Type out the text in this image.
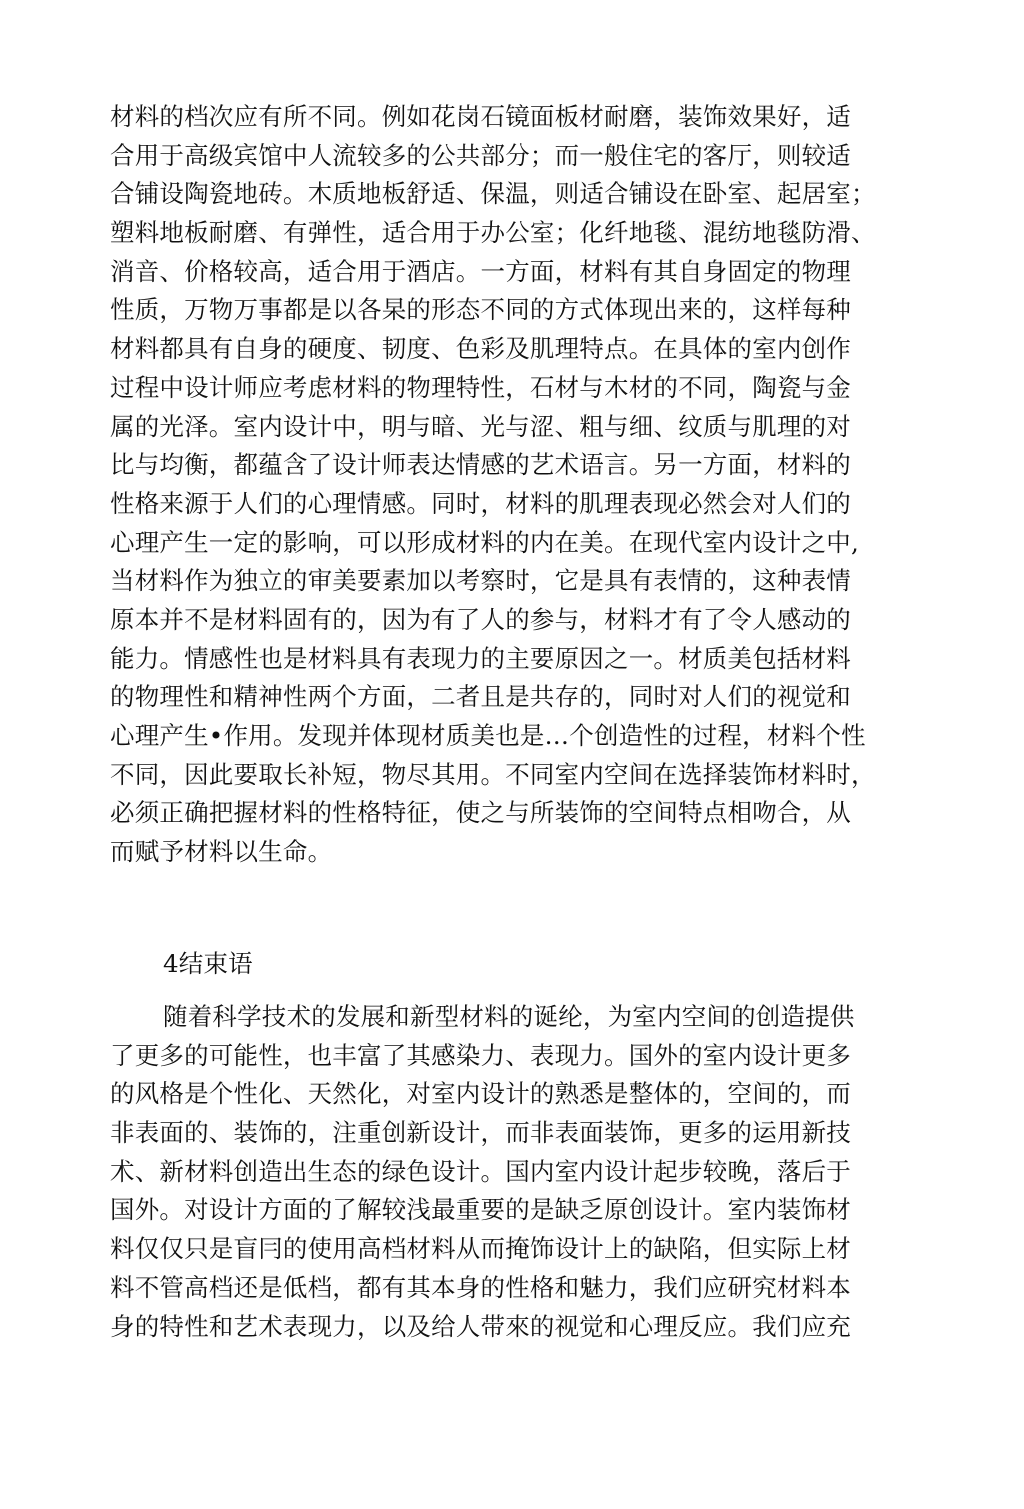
材料的档次应有所不同。例如花岗石镜面板材耐磨，装饰效果好，适
合用于高级宾馆中人流较多的公共部分；而一般住宅的客厅，则较适
合铺设陶瓷地砖。木质地板舒适、保温，则适合铺设在卧室、起居室；
塑料地板耐磨、有弹性，适合用于办公室；化纤地毯、混纺地毯防滑、
消音、价格较高，适合用于酒店。一方面，材料有其自身固定的物理
性质，万物万事都是以各杲的形态不同的方式体现出来的，这样每种
材料都具有自身的硬度、韧度、色彩及肌理特点。在具体的室内创作
过程中设计师应考虑材料的物理特性，石材与木材的不同，陶瓷与金
属的光泽。室内设计中，明与暗、光与涩、粗与细、纹质与肌理的对
比与均衡，都蕴含了设计师表达情感的艺术语言。另一方面，材料的
性格来源于人们的心理情感。同时，材料的肌理表现必然会对人们的
心理产生一定的影响，可以形成材料的内在美。在现代室内设计之中,
当材料作为独立的审美要素加以考察时，它是具有表情的，这种表情
原本并不是材料固有的，因为有了人的参与，材料才有了令人感动的
能力。情感性也是材料具有表现力的主要原因之一。材质美包括材料
的物理性和精神性两个方面，二者且是共存的，同时对人们的视觉和
心理产生•作用。发现并体现材质美也是…个创造性的过程，材料个性
不同，因此要取长补短，物尽其用。不同室内空间在选择装饰材料时，
必须正确把握材料的性格特征，使之与所装饰的空间特点相吻合，从
而赋予材料以生命。
4结束语
随着科学技术的发展和新型材料的诞纶，为室内空间的创造提供
了更多的可能性，也丰富了其感染力、表现力。国外的室内设计更多
的风格是个性化、天然化，对室内设计的熟悉是整体的，空间的，而
非表面的、装饰的，注重创新设计，而非表面装饰，更多的运用新技
术、新材料创造出生态的绿色设计。国内室内设计起步较晚，落后于
国外。对设计方面的了解较浅最重要的是缺乏原创设计。室内装饰材
料仅仅只是盲冃的使用高档材料从而掩饰设计上的缺陷，但实际上材
料不管高档还是低档，都有其本身的性格和魅力，我们应研究材料本
身的特性和艺术表现力，以及给人带來的视觉和心理反应。我们应充
